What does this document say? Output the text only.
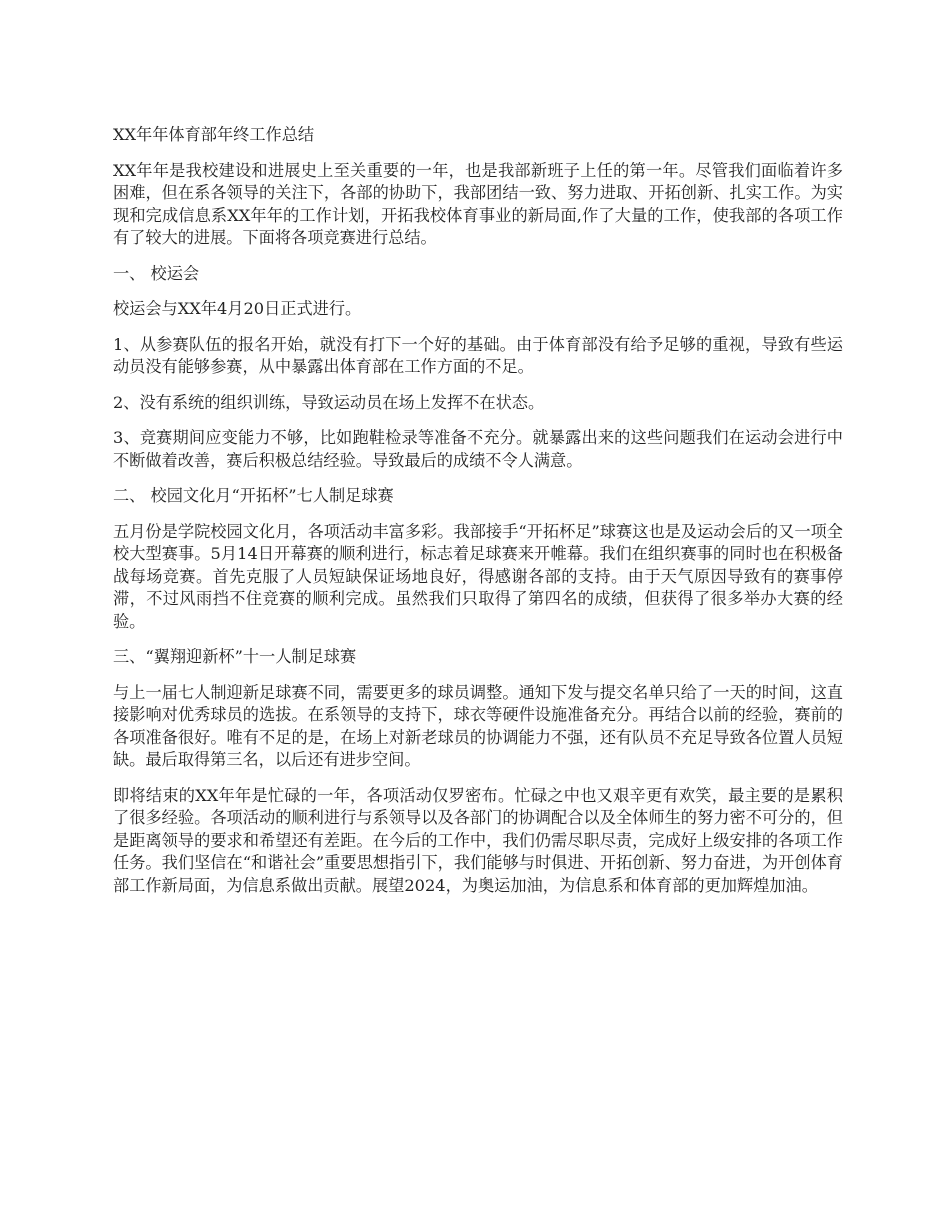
XX年年体育部年终工作总结

XX年年是我校建设和进展史上至关重要的一年，也是我部新班子上任的第一年。尽管我们面临着许多困难，但在系各领导的关注下，各部的协助下，我部团结一致、努力进取、开拓创新、扎实工作。为实现和完成信息系XX年年的工作计划，开拓我校体育事业的新局面,作了大量的工作，使我部的各项工作有了较大的进展。下面将各项竞赛进行总结。

一、 校运会

校运会与XX年4月20日正式进行。

1、从参赛队伍的报名开始，就没有打下一个好的基础。由于体育部没有给予足够的重视，导致有些运动员没有能够参赛，从中暴露出体育部在工作方面的不足。

2、没有系统的组织训练，导致运动员在场上发挥不在状态。

3、竞赛期间应变能力不够，比如跑鞋检录等准备不充分。就暴露出来的这些问题我们在运动会进行中不断做着改善，赛后积极总结经验。导致最后的成绩不令人满意。

二、 校园文化月“开拓杯”七人制足球赛

五月份是学院校园文化月，各项活动丰富多彩。我部接手“开拓杯足”球赛这也是及运动会后的又一项全校大型赛事。5月14日开幕赛的顺利进行，标志着足球赛来开帷幕。我们在组织赛事的同时也在积极备战每场竞赛。首先克服了人员短缺保证场地良好，得感谢各部的支持。由于天气原因导致有的赛事停滞，不过风雨挡不住竞赛的顺利完成。虽然我们只取得了第四名的成绩，但获得了很多举办大赛的经验。

三、“翼翔迎新杯”十一人制足球赛

与上一届七人制迎新足球赛不同，需要更多的球员调整。通知下发与提交名单只给了一天的时间，这直接影响对优秀球员的选拔。在系领导的支持下，球衣等硬件设施准备充分。再结合以前的经验，赛前的各项准备很好。唯有不足的是，在场上对新老球员的协调能力不强，还有队员不充足导致各位置人员短缺。最后取得第三名，以后还有进步空间。

即将结束的XX年年是忙碌的一年，各项活动仅罗密布。忙碌之中也又艰辛更有欢笑，最主要的是累积了很多经验。各项活动的顺利进行与系领导以及各部门的协调配合以及全体师生的努力密不可分的，但是距离领导的要求和希望还有差距。在今后的工作中，我们仍需尽职尽责，完成好上级安排的各项工作任务。我们坚信在“和谐社会”重要思想指引下，我们能够与时俱进、开拓创新、努力奋进，为开创体育部工作新局面，为信息系做出贡献。展望2024，为奥运加油，为信息系和体育部的更加辉煌加油。
